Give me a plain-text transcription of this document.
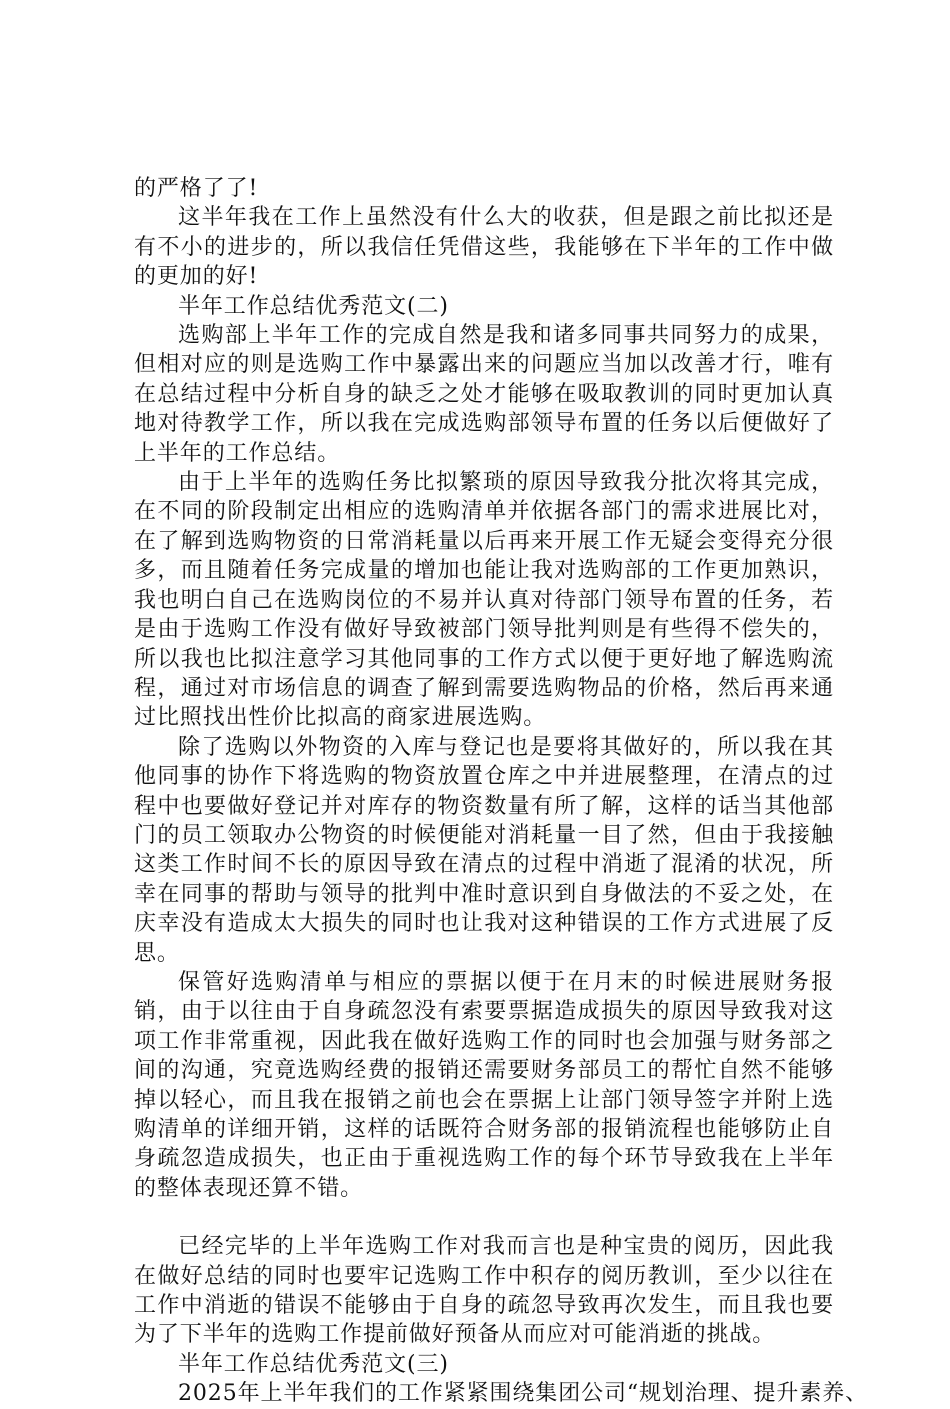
的严格了了!

这半年我在工作上虽然没有什么大的收获，但是跟之前比拟还是有不小的进步的，所以我信任凭借这些，我能够在下半年的工作中做的更加的好!

半年工作总结优秀范文(二)

选购部上半年工作的完成自然是我和诸多同事共同努力的成果，但相对应的则是选购工作中暴露出来的问题应当加以改善才行，唯有在总结过程中分析自身的缺乏之处才能够在吸取教训的同时更加认真地对待教学工作，所以我在完成选购部领导布置的任务以后便做好了上半年的工作总结。

由于上半年的选购任务比拟繁琐的原因导致我分批次将其完成，在不同的阶段制定出相应的选购清单并依据各部门的需求进展比对，在了解到选购物资的日常消耗量以后再来开展工作无疑会变得充分很多，而且随着任务完成量的增加也能让我对选购部的工作更加熟识，我也明白自己在选购岗位的不易并认真对待部门领导布置的任务，若是由于选购工作没有做好导致被部门领导批判则是有些得不偿失的，所以我也比拟注意学习其他同事的工作方式以便于更好地了解选购流程，通过对市场信息的调查了解到需要选购物品的价格，然后再来通过比照找出性价比拟高的商家进展选购。

除了选购以外物资的入库与登记也是要将其做好的，所以我在其他同事的协作下将选购的物资放置仓库之中并进展整理，在清点的过程中也要做好登记并对库存的物资数量有所了解，这样的话当其他部门的员工领取办公物资的时候便能对消耗量一目了然，但由于我接触这类工作时间不长的原因导致在清点的过程中消逝了混淆的状况，所幸在同事的帮助与领导的批判中准时意识到自身做法的不妥之处，在庆幸没有造成太大损失的同时也让我对这种错误的工作方式进展了反思。

保管好选购清单与相应的票据以便于在月末的时候进展财务报销，由于以往由于自身疏忽没有索要票据造成损失的原因导致我对这项工作非常重视，因此我在做好选购工作的同时也会加强与财务部之间的沟通，究竟选购经费的报销还需要财务部员工的帮忙自然不能够掉以轻心，而且我在报销之前也会在票据上让部门领导签字并附上选购清单的详细开销，这样的话既符合财务部的报销流程也能够防止自身疏忽造成损失，也正由于重视选购工作的每个环节导致我在上半年的整体表现还算不错。

已经完毕的上半年选购工作对我而言也是种宝贵的阅历，因此我在做好总结的同时也要牢记选购工作中积存的阅历教训，至少以往在工作中消逝的错误不能够由于自身的疏忽导致再次发生，而且我也要为了下半年的选购工作提前做好预备从而应对可能消逝的挑战。

半年工作总结优秀范文(三)

2025年上半年我们的工作紧紧围绕集团公司“规划治理、提升素养、
